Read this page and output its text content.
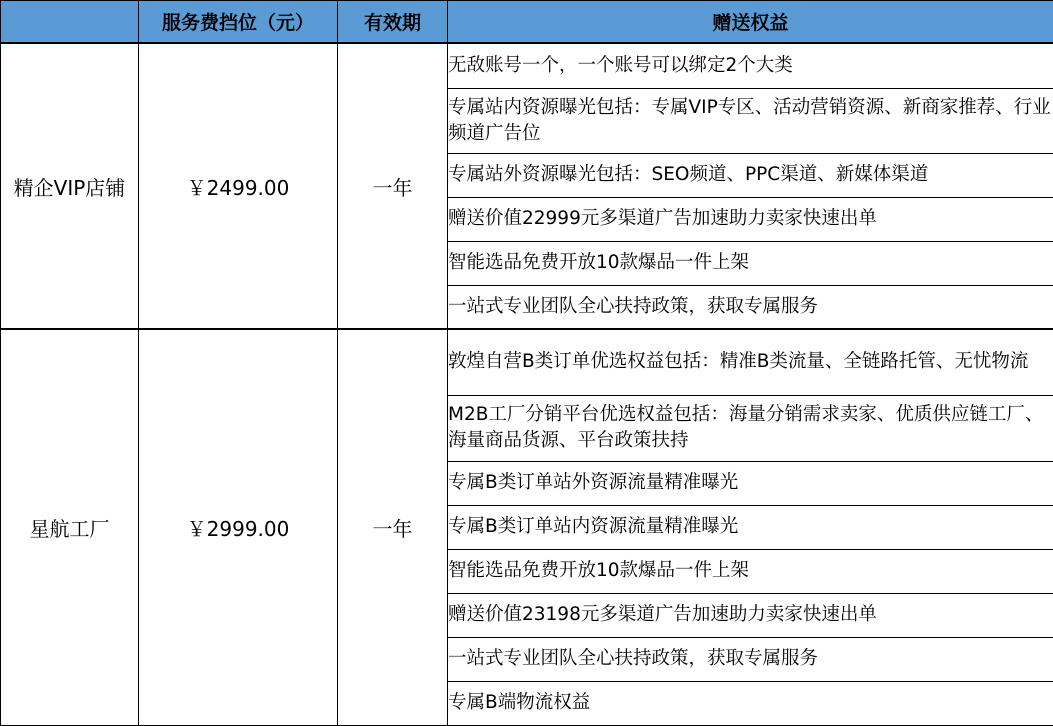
	服务费挡位（元）	有效期	赠送权益
精企VIP店铺	￥2499.00	一年	无敌账号一个，一个账号可以绑定2个大类
			专属站内资源曝光包括：专属VIP专区、活动营销资源、新商家推荐、行业频道广告位
			专属站外资源曝光包括：SEO频道、PPC渠道、新媒体渠道
			赠送价值22999元多渠道广告加速助力卖家快速出单
			智能选品免费开放10款爆品一件上架
			一站式专业团队全心扶持政策，获取专属服务
星航工厂	￥2999.00	一年	敦煌自营B类订单优选权益包括：精准B类流量、全链路托管、无忧物流
			M2B工厂分销平台优选权益包括：海量分销需求卖家、优质供应链工厂、海量商品货源、平台政策扶持
			专属B类订单站外资源流量精准曝光
			专属B类订单站内资源流量精准曝光
			智能选品免费开放10款爆品一件上架
			赠送价值23198元多渠道广告加速助力卖家快速出单
			一站式专业团队全心扶持政策，获取专属服务
			专属B端物流权益
